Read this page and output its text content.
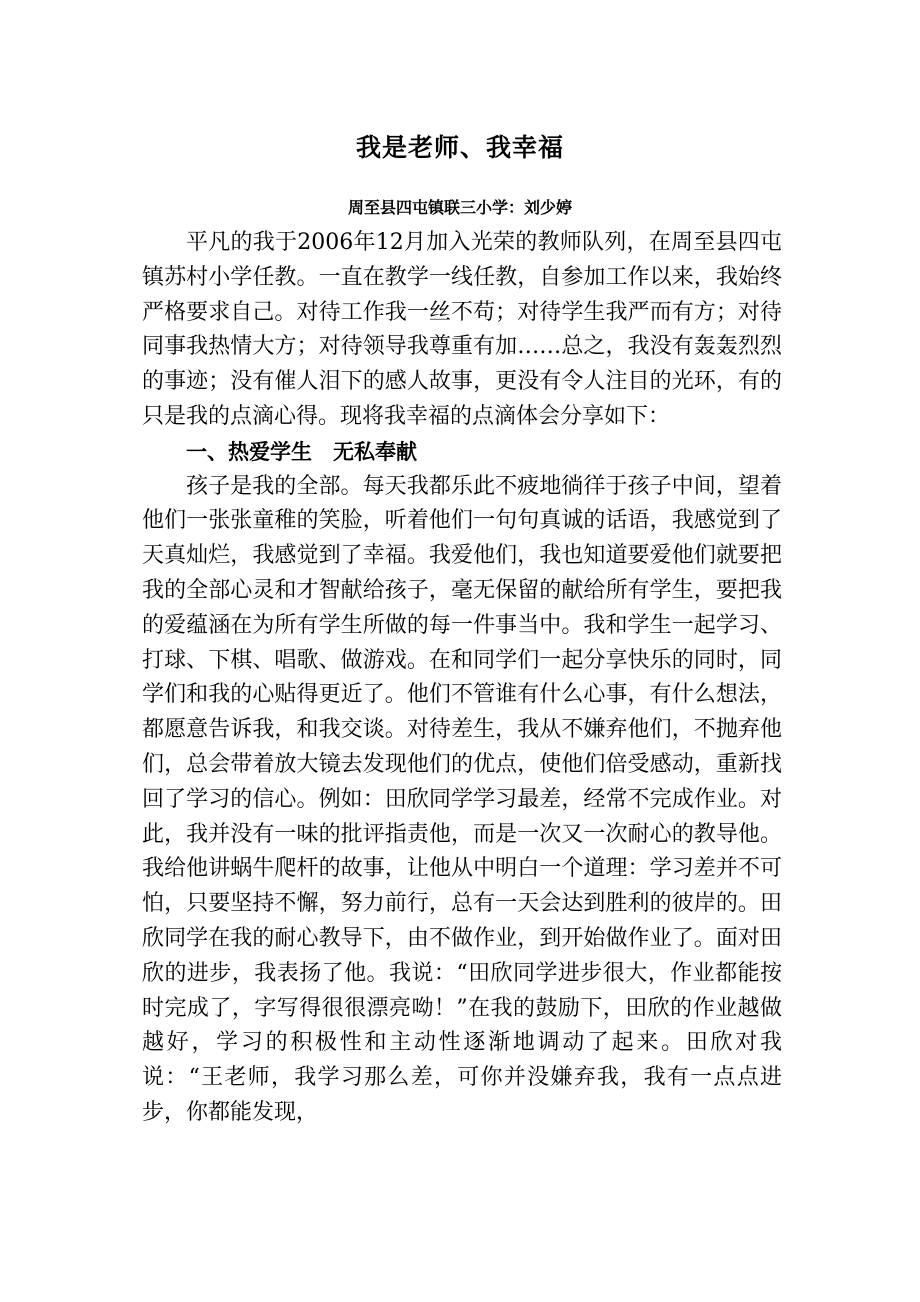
我是老师、我幸福
周至县四屯镇联三小学：刘少婷

平凡的我于2006年12月加入光荣的教师队列，在周至县四屯镇苏村小学任教。一直在教学一线任教，自参加工作以来，我始终严格要求自己。对待工作我一丝不苟；对待学生我严而有方；对待同事我热情大方；对待领导我尊重有加……总之，我没有轰轰烈烈的事迹；没有催人泪下的感人故事，更没有令人注目的光环，有的只是我的点滴心得。现将我幸福的点滴体会分享如下：

一、热爱学生　无私奉献

孩子是我的全部。每天我都乐此不疲地徜徉于孩子中间，望着他们一张张童稚的笑脸，听着他们一句句真诚的话语，我感觉到了天真灿烂，我感觉到了幸福。我爱他们，我也知道要爱他们就要把我的全部心灵和才智献给孩子，毫无保留的献给所有学生，要把我的爱蕴涵在为所有学生所做的每一件事当中。我和学生一起学习、打球、下棋、唱歌、做游戏。在和同学们一起分享快乐的同时，同学们和我的心贴得更近了。他们不管谁有什么心事，有什么想法，都愿意告诉我，和我交谈。对待差生，我从不嫌弃他们，不抛弃他们，总会带着放大镜去发现他们的优点，使他们倍受感动，重新找回了学习的信心。例如：田欣同学学习最差，经常不完成作业。对此，我并没有一味的批评指责他，而是一次又一次耐心的教导他。我给他讲蜗牛爬杆的故事，让他从中明白一个道理：学习差并不可怕，只要坚持不懈，努力前行，总有一天会达到胜利的彼岸的。田欣同学在我的耐心教导下，由不做作业，到开始做作业了。面对田欣的进步，我表扬了他。我说：“田欣同学进步很大，作业都能按时完成了，字写得很很漂亮呦！”在我的鼓励下，田欣的作业越做越好，学习的积极性和主动性逐渐地调动了起来。田欣对我说：“王老师，我学习那么差，可你并没嫌弃我，我有一点点进步，你都能发现，
